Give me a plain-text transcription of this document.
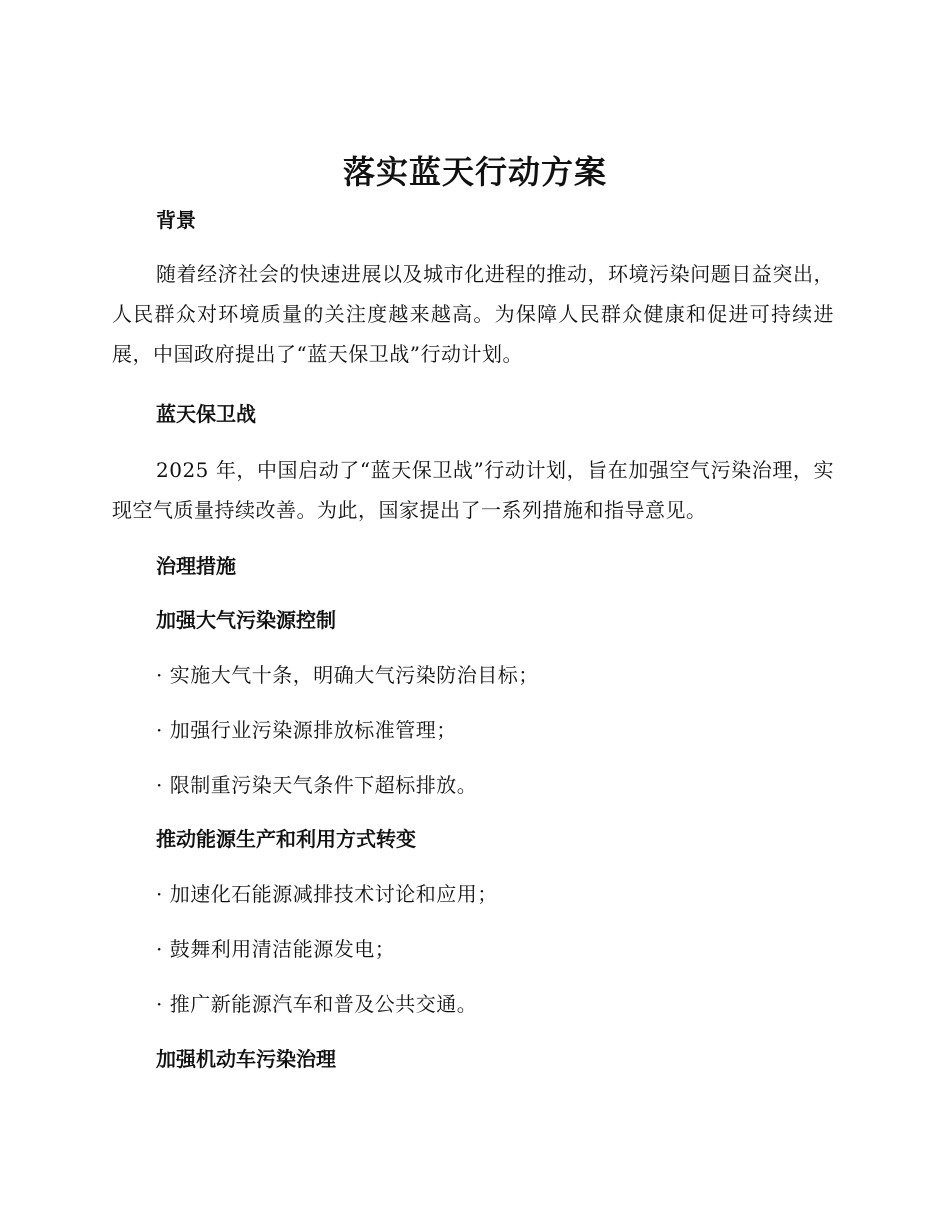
落实蓝天行动方案
背景

随着经济社会的快速进展以及城市化进程的推动，环境污染问题日益突出，人民群众对环境质量的关注度越来越高。为保障人民群众健康和促进可持续进展，中国政府提出了“蓝天保卫战”行动计划。

蓝天保卫战

2025 年，中国启动了“蓝天保卫战”行动计划，旨在加强空气污染治理，实现空气质量持续改善。为此，国家提出了一系列措施和指导意见。

治理措施
加强大气污染源控制

· 实施大气十条，明确大气污染防治目标；

· 加强行业污染源排放标准管理；

· 限制重污染天气条件下超标排放。

推动能源生产和利用方式转变

· 加速化石能源减排技术讨论和应用；

· 鼓舞利用清洁能源发电；

· 推广新能源汽车和普及公共交通。

加强机动车污染治理
